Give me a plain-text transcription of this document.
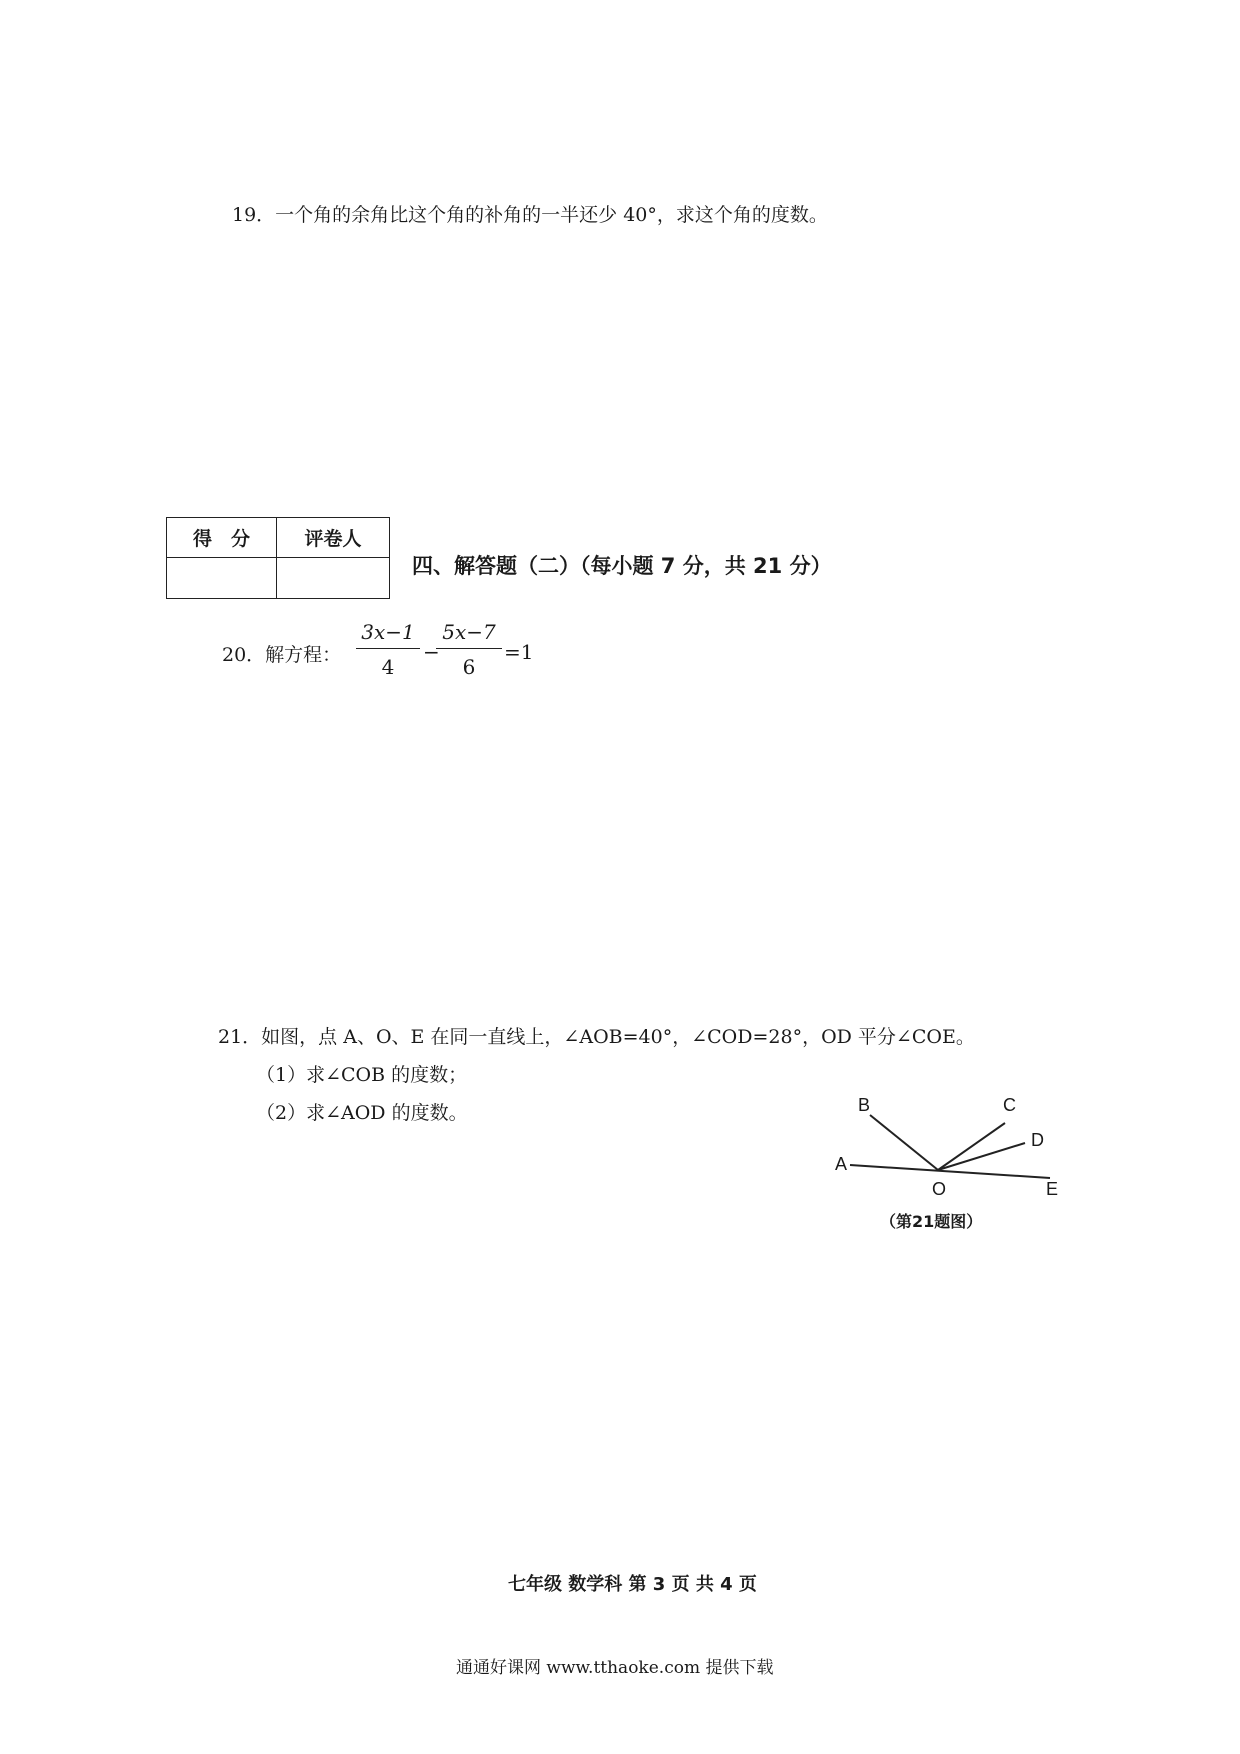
19．一个角的余角比这个角的补角的一半还少 40°，求这个角的度数。
得　分	评卷人
四、解答题（二）（每小题 7 分，共 21 分）
20．解方程：
3x−1
4
−
5x−7
6
=1
21．如图，点 A、O、E 在同一直线上，∠AOB=40°，∠COD=28°，OD 平分∠COE。
（1）求∠COB 的度数；
（2）求∠AOD 的度数。	B	C
D
A
O	E
（第21题图）
七年级 数学科 第 3 页 共 4 页
通通好课网 www.tthaoke.com 提供下载
